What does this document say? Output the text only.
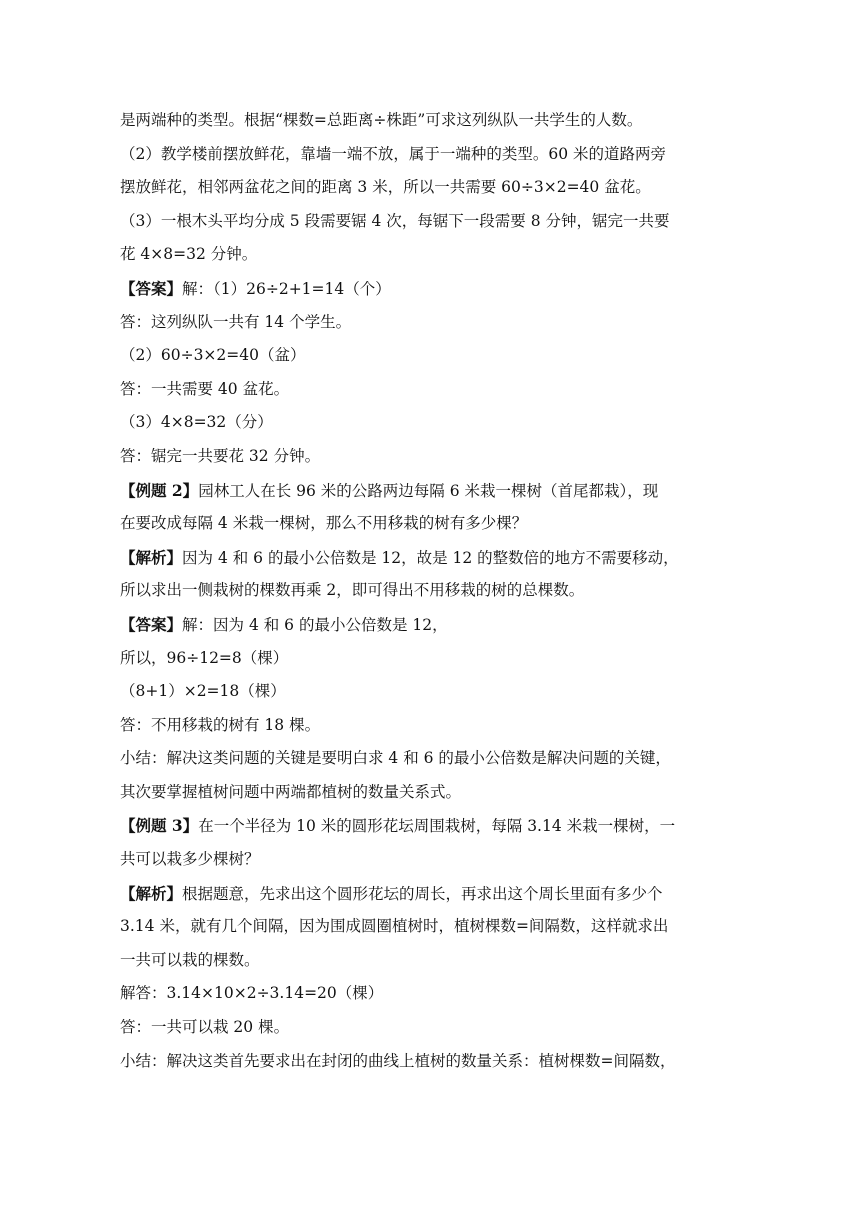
是两端种的类型。根据“棵数=总距离÷株距”可求这列纵队一共学生的人数。
（2）教学楼前摆放鲜花，靠墙一端不放，属于一端种的类型。60 米的道路两旁
摆放鲜花，相邻两盆花之间的距离 3 米，所以一共需要 60÷3×2=40 盆花。
（3）一根木头平均分成 5 段需要锯 4 次，每锯下一段需要 8 分钟，锯完一共要
花 4×8=32 分钟。
【答案】解：（1）26÷2+1=14（个）
答：这列纵队一共有 14 个学生。
（2）60÷3×2=40（盆）
答：一共需要 40 盆花。
（3）4×8=32（分）
答：锯完一共要花 32 分钟。
【例题 2】园林工人在长 96 米的公路两边每隔 6 米栽一棵树（首尾都栽），现
在要改成每隔 4 米栽一棵树，那么不用移栽的树有多少棵？
【解析】因为 4 和 6 的最小公倍数是 12，故是 12 的整数倍的地方不需要移动，
所以求出一侧栽树的棵数再乘 2，即可得出不用移栽的树的总棵数。
【答案】解：因为 4 和 6 的最小公倍数是 12，
所以，96÷12=8（棵）
（8+1）×2=18（棵）
答：不用移栽的树有 18 棵。
小结：解决这类问题的关键是要明白求 4 和 6 的最小公倍数是解决问题的关键，
其次要掌握植树问题中两端都植树的数量关系式。
【例题 3】在一个半径为 10 米的圆形花坛周围栽树，每隔 3.14 米栽一棵树，一
共可以栽多少棵树？
【解析】根据题意，先求出这个圆形花坛的周长，再求出这个周长里面有多少个
3.14 米，就有几个间隔，因为围成圆圈植树时，植树棵数=间隔数，这样就求出
一共可以栽的棵数。
解答：3.14×10×2÷3.14=20（棵）
答：一共可以栽 20 棵。
小结：解决这类首先要求出在封闭的曲线上植树的数量关系：植树棵数=间隔数，
